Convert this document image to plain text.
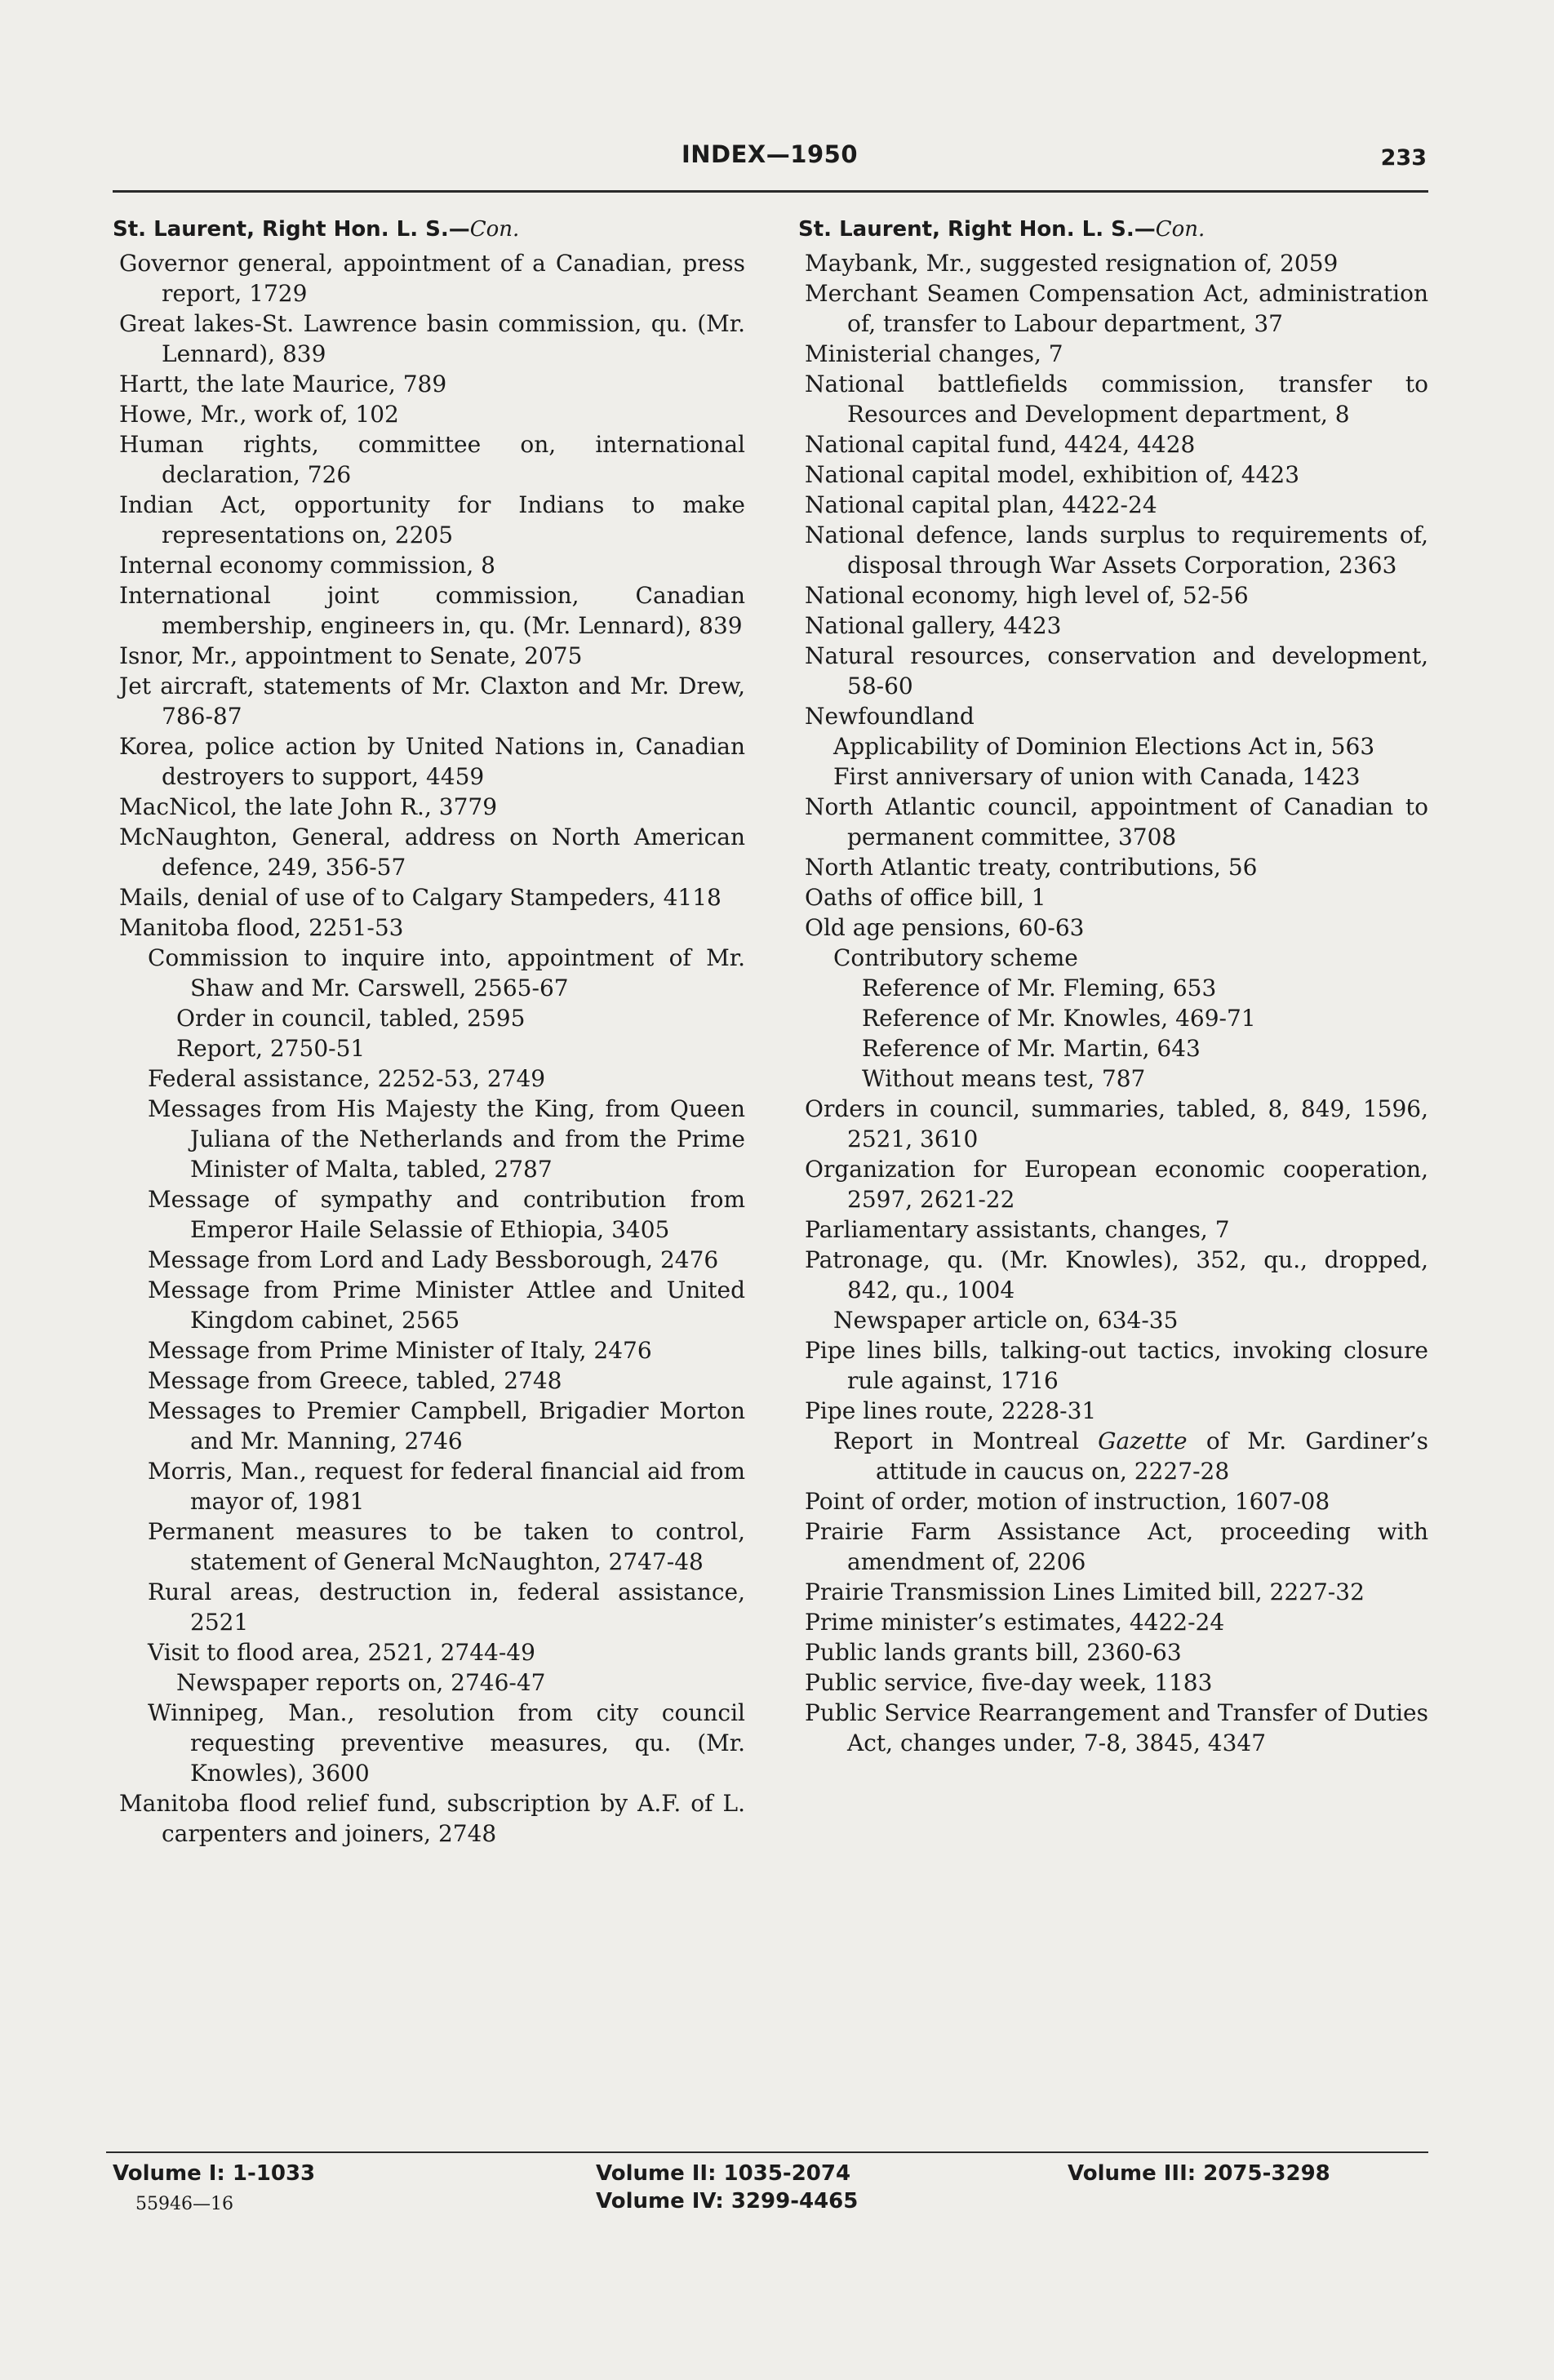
INDEX—1950	233
St. Laurent, Right Hon. L. S.—Con.

Governor general, appointment of a Canadian, press report, 1729

Great lakes-St. Lawrence basin commission, qu. (Mr. Lennard), 839

Hartt, the late Maurice, 789

Howe, Mr., work of, 102

Human rights, committee on, international declaration, 726

Indian Act, opportunity for Indians to make representations on, 2205

Internal economy commission, 8

International joint commission, Canadian membership, engineers in, qu. (Mr. Lennard), 839

Isnor, Mr., appointment to Senate, 2075

Jet aircraft, statements of Mr. Claxton and Mr. Drew, 786-87

Korea, police action by United Nations in, Canadian destroyers to support, 4459

MacNicol, the late John R., 3779

McNaughton, General, address on North American defence, 249, 356-57

Mails, denial of use of to Calgary Stampeders, 4118

Manitoba flood, 2251-53

Commission to inquire into, appointment of Mr. Shaw and Mr. Carswell, 2565-67

Order in council, tabled, 2595

Report, 2750-51

Federal assistance, 2252-53, 2749

Messages from His Majesty the King, from Queen Juliana of the Netherlands and from the Prime Minister of Malta, tabled, 2787

Message of sympathy and contribution from Emperor Haile Selassie of Ethiopia, 3405

Message from Lord and Lady Bessborough, 2476

Message from Prime Minister Attlee and United Kingdom cabinet, 2565

Message from Prime Minister of Italy, 2476

Message from Greece, tabled, 2748

Messages to Premier Campbell, Brigadier Morton and Mr. Manning, 2746

Morris, Man., request for federal financial aid from mayor of, 1981

Permanent measures to be taken to control, statement of General McNaughton, 2747-48

Rural areas, destruction in, federal assistance, 2521

Visit to flood area, 2521, 2744-49

Newspaper reports on, 2746-47

Winnipeg, Man., resolution from city council requesting preventive measures, qu. (Mr. Knowles), 3600

Manitoba flood relief fund, subscription by A.F. of L. carpenters and joiners, 2748

St. Laurent, Right Hon. L. S.—Con.

Maybank, Mr., suggested resignation of, 2059

Merchant Seamen Compensation Act, administration of, transfer to Labour department, 37

Ministerial changes, 7

National battlefields commission, transfer to Resources and Development department, 8

National capital fund, 4424, 4428

National capital model, exhibition of, 4423

National capital plan, 4422-24

National defence, lands surplus to requirements of, disposal through War Assets Corporation, 2363

National economy, high level of, 52-56

National gallery, 4423

Natural resources, conservation and development, 58-60

Newfoundland

Applicability of Dominion Elections Act in, 563

First anniversary of union with Canada, 1423

North Atlantic council, appointment of Canadian to permanent committee, 3708

North Atlantic treaty, contributions, 56

Oaths of office bill, 1

Old age pensions, 60-63

Contributory scheme

Reference of Mr. Fleming, 653

Reference of Mr. Knowles, 469-71

Reference of Mr. Martin, 643

Without means test, 787

Orders in council, summaries, tabled, 8, 849, 1596, 2521, 3610

Organization for European economic cooperation, 2597, 2621-22

Parliamentary assistants, changes, 7

Patronage, qu. (Mr. Knowles), 352, qu., dropped, 842, qu., 1004

Newspaper article on, 634-35

Pipe lines bills, talking-out tactics, invoking closure rule against, 1716

Pipe lines route, 2228-31

Report in Montreal Gazette of Mr. Gardiner’s attitude in caucus on, 2227-28

Point of order, motion of instruction, 1607-08

Prairie Farm Assistance Act, proceeding with amendment of, 2206

Prairie Transmission Lines Limited bill, 2227-32

Prime minister’s estimates, 4422-24

Public lands grants bill, 2360-63

Public service, five-day week, 1183

Public Service Rearrangement and Transfer of Duties Act, changes under, 7-8, 3845, 4347

Volume I: 1-1033	Volume II: 1035-2074
Volume IV: 3299-4465
Volume III: 2075-3298
55946—16
